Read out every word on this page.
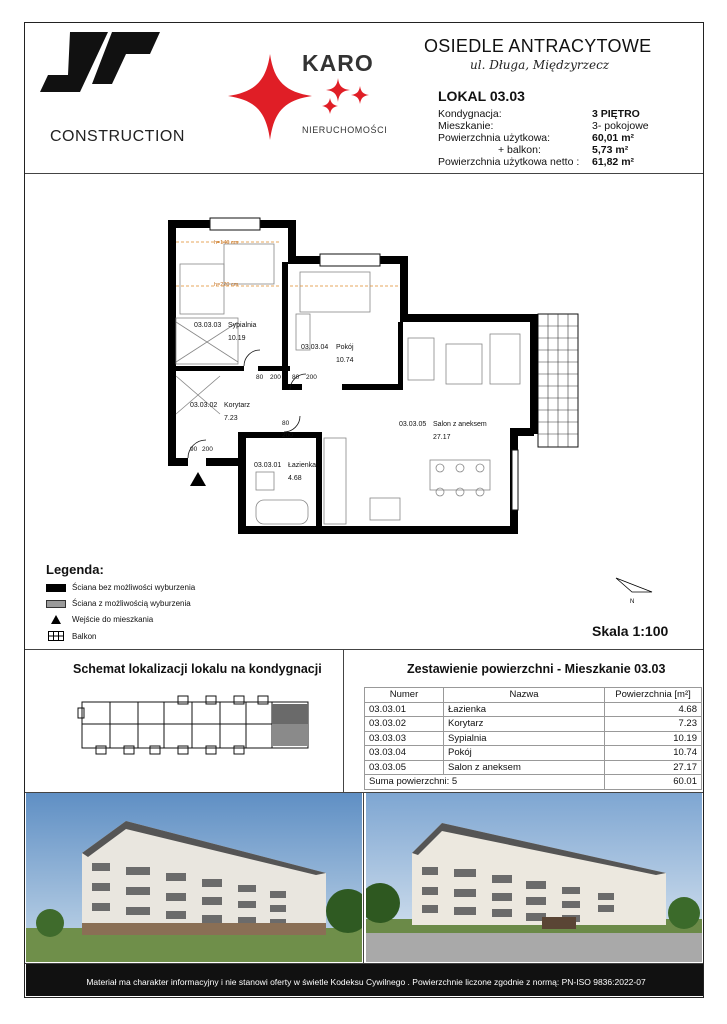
CONSTRUCTION
KARO
NIERUCHOMOŚCI
OSIEDLE ANTRACYTOWE
ul. Długa, Międzyrzecz
LOKAL 03.03
Kondygnacja:	3 PIĘTRO
Mieszkanie:	3- pokojowe
Powierzchnia użytkowa:	60,01 m²
+ balkon:	5,73 m²
Powierzchnia użytkowa netto : 61,82 m²
03.03.03 Sypialnia
10.19
03.03.04 Pokój
10.74
03.03.02 Korytarz
7.23
03.03.05 Salon z aneksem
27.17
03.03.01 Łazienka
4.68
h=140 cm
h=220 cm
80 200 80 200
80
200
90 200
Legenda:
Ściana bez możliwości wyburzenia
Ściana z możliwością wyburzenia
Wejście do mieszkania
Balkon
N
Skala 1:100
Schemat lokalizacji lokalu na kondygnacji	Zestawienie powierzchni - Mieszkanie 03.03
Numer	Nazwa	Powierzchnia [m²]
03.03.01	Łazienka	4.68
03.03.02	Korytarz	7.23
03.03.03	Sypialnia	10.19
03.03.04	Pokój	10.74
03.03.05	Salon z aneksem	27.17
Suma powierzchni: 5		60.01
Materiał ma charakter informacyjny i nie stanowi oferty w świetle Kodeksu Cywilnego . Powierzchnie liczone zgodnie z normą: PN-ISO 9836:2022-07
